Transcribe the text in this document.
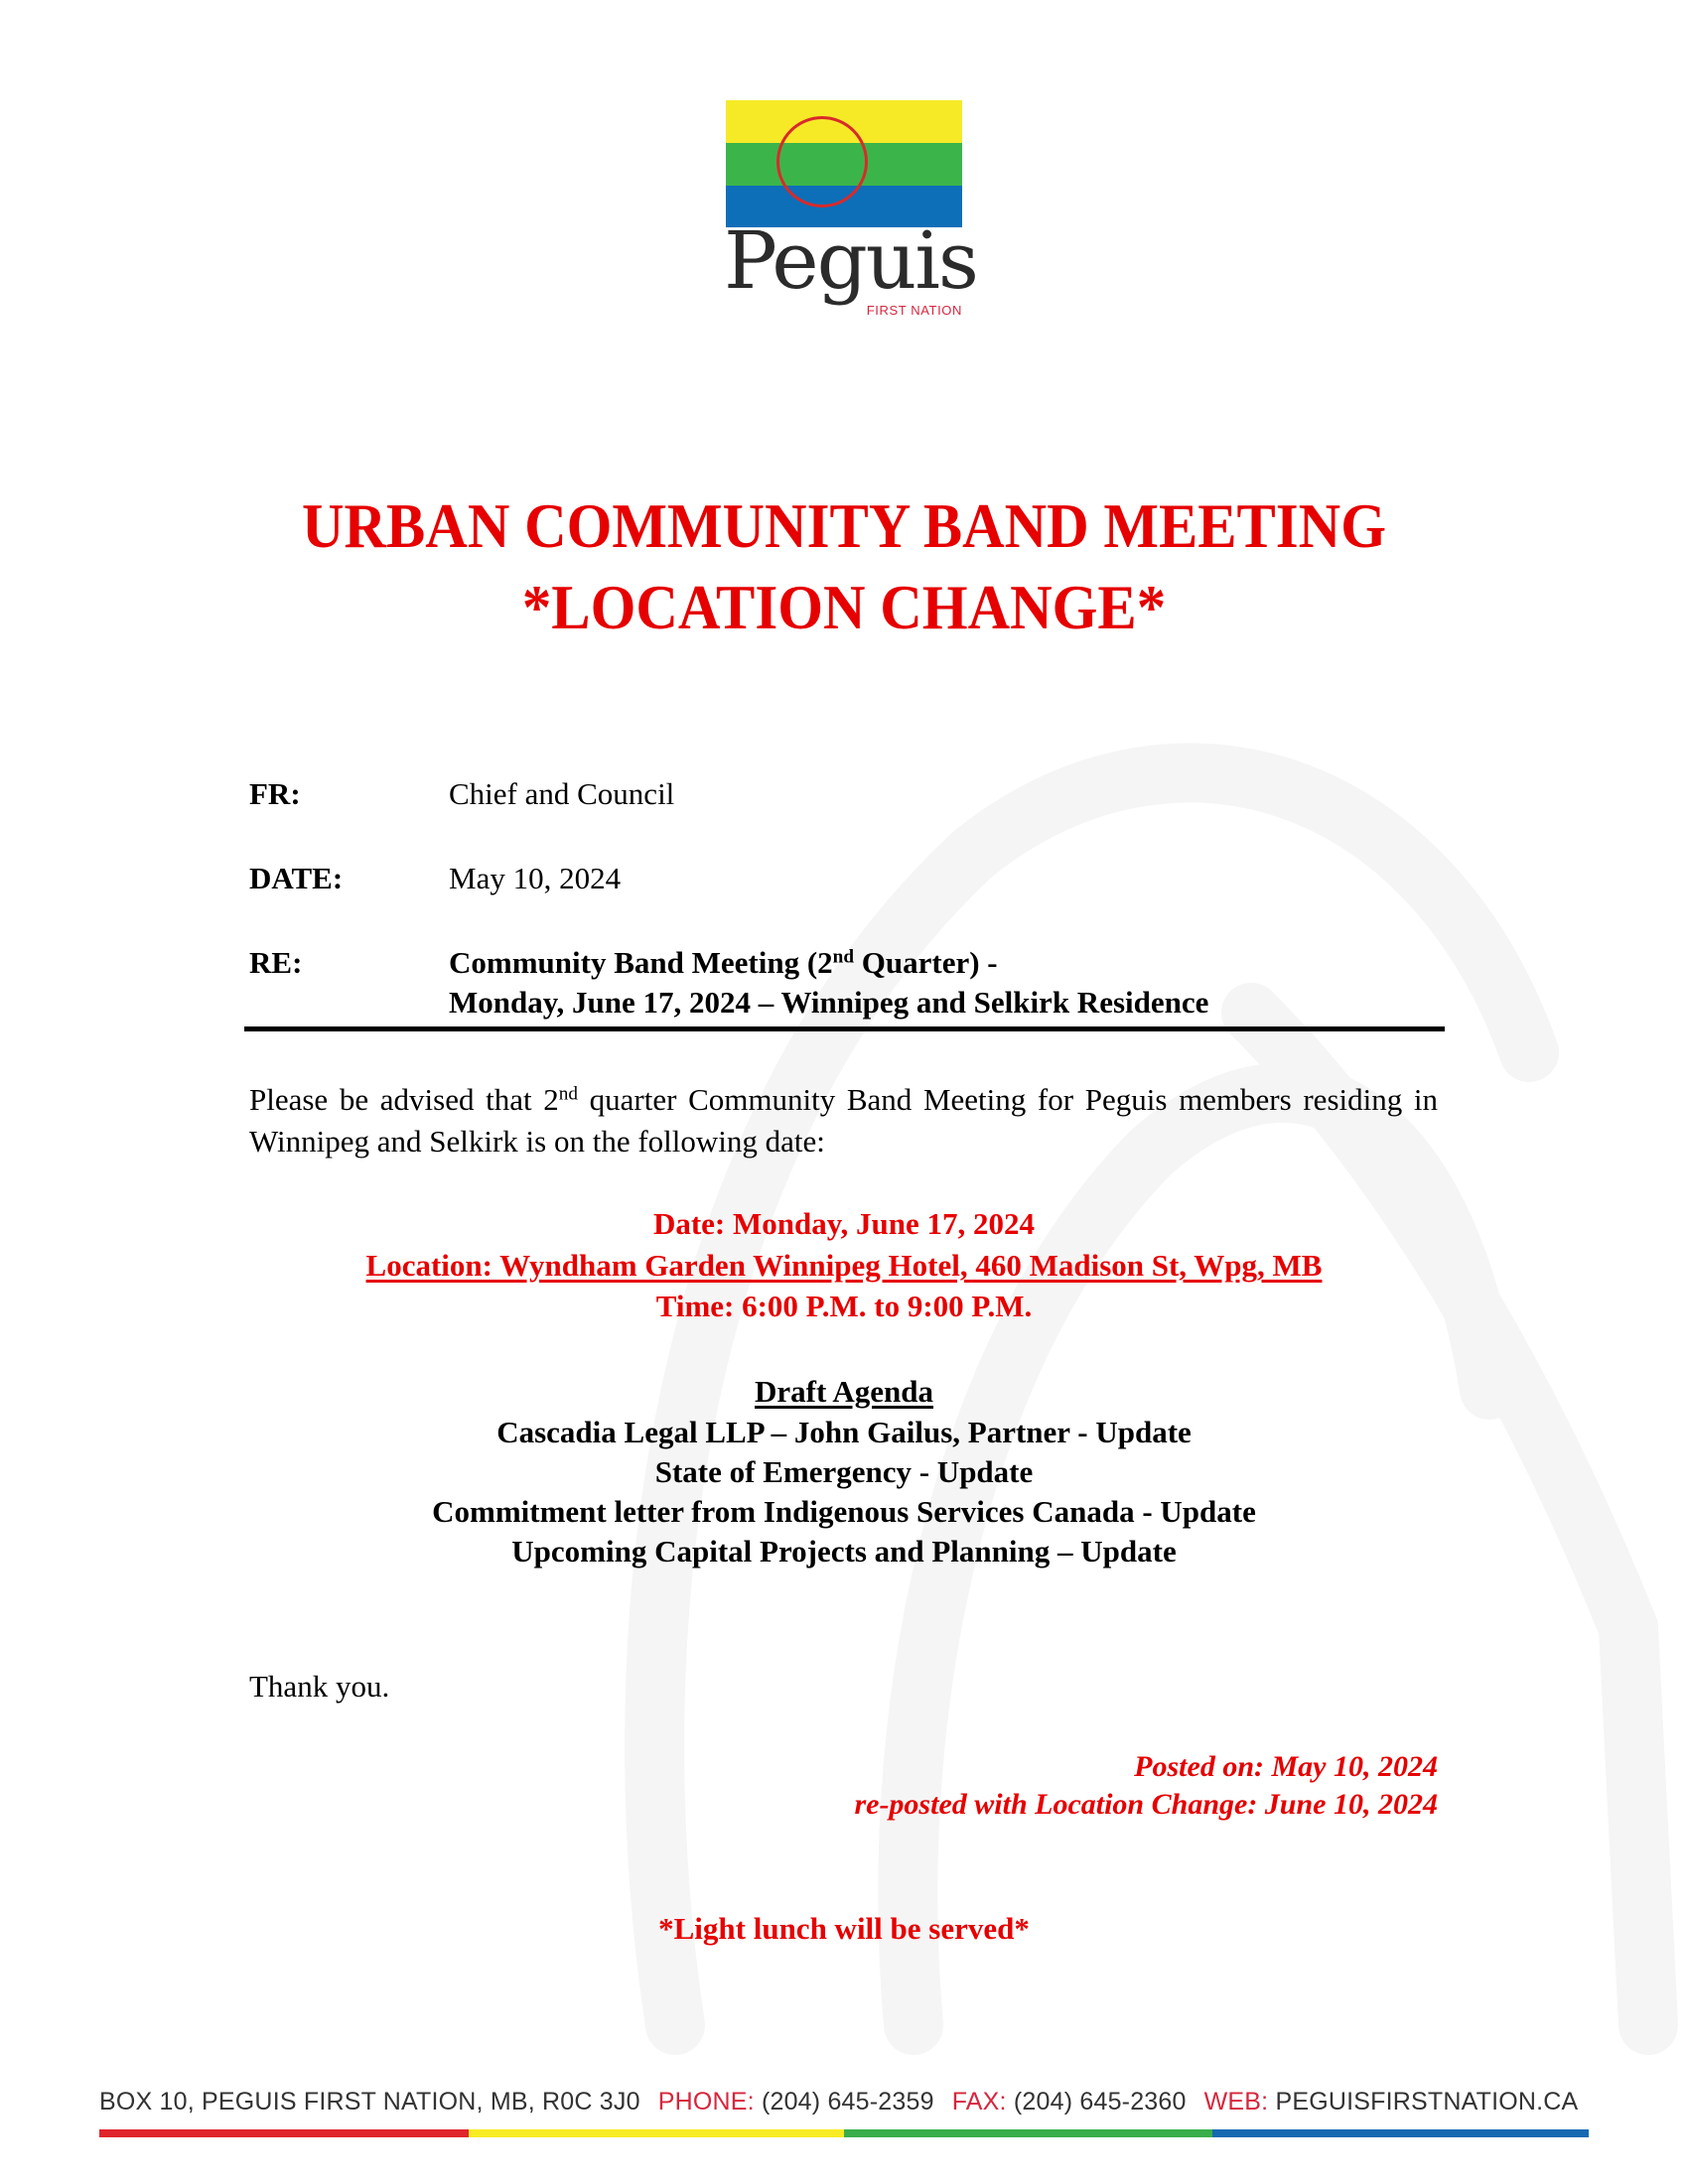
Peguis
FIRST NATION
URBAN COMMUNITY BAND MEETING
*LOCATION CHANGE*
FR:	Chief and Council
DATE:	May 10, 2024
RE:	Community Band Meeting (2nd Quarter) -
Monday, June 17, 2024 – Winnipeg and Selkirk Residence
Please be advised that 2nd quarter Community Band Meeting for Peguis members residing in Winnipeg and Selkirk is on the following date:
Date: Monday, June 17, 2024
Location: Wyndham Garden Winnipeg Hotel, 460 Madison St, Wpg, MB
Time: 6:00 P.M. to 9:00 P.M.
Draft Agenda
Cascadia Legal LLP – John Gailus, Partner - Update
State of Emergency - Update
Commitment letter from Indigenous Services Canada - Update
Upcoming Capital Projects and Planning – Update
Thank you.
Posted on: May 10, 2024
re-posted with Location Change: June 10, 2024
*Light lunch will be served*
BOX 10, PEGUIS FIRST NATION, MB, R0C 3J0 PHONE: (204) 645-2359 FAX: (204) 645-2360 WEB: PEGUISFIRSTNATION.CA
